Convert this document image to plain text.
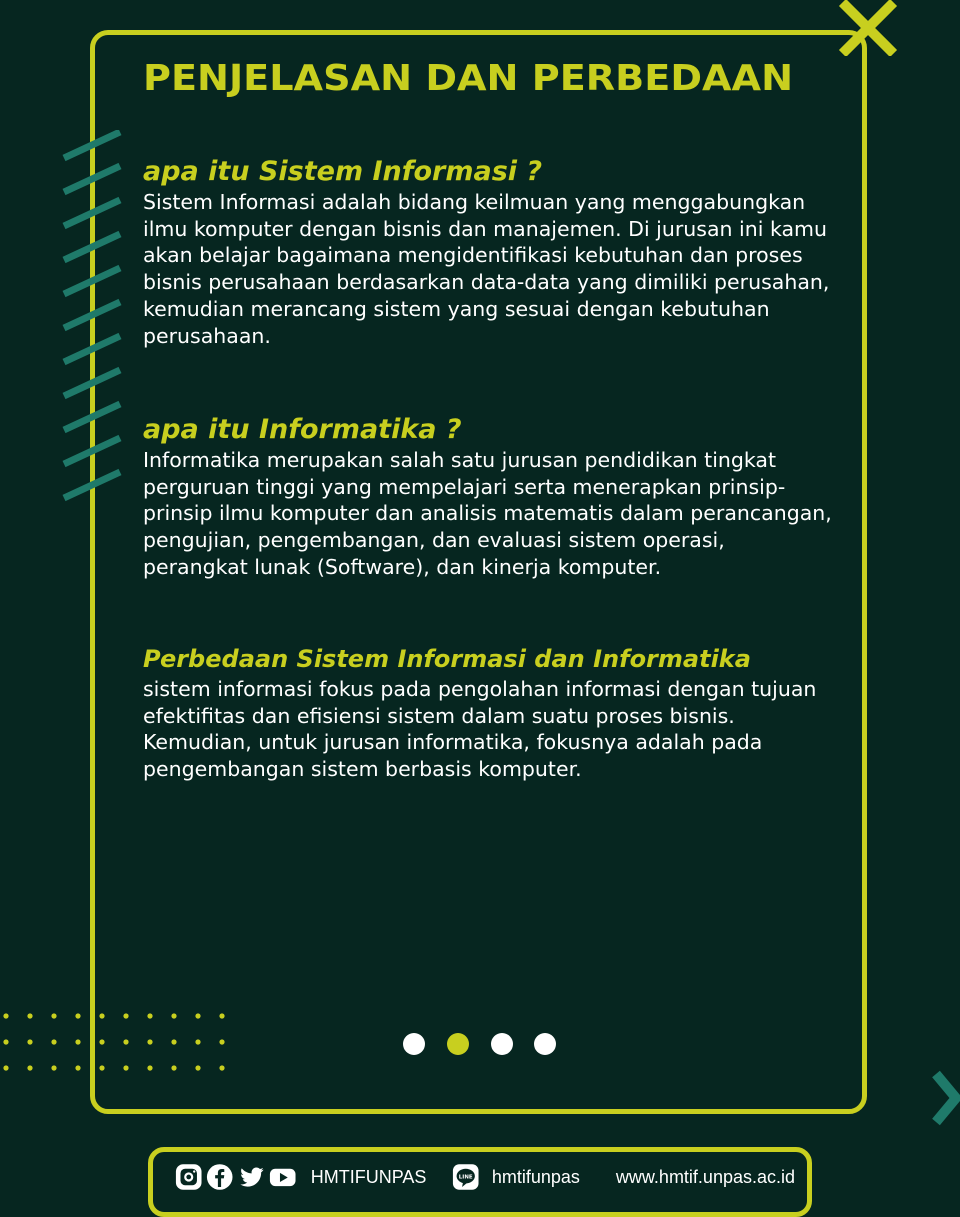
PENJELASAN DAN PERBEDAAN
apa itu Sistem Informasi ?

Sistem Informasi adalah bidang keilmuan yang menggabungkan ilmu komputer dengan bisnis dan manajemen. Di jurusan ini kamu akan belajar bagaimana mengidentifikasi kebutuhan dan proses bisnis perusahaan berdasarkan data-data yang dimiliki perusahan, kemudian merancang sistem yang sesuai dengan kebutuhan perusahaan.

apa itu Informatika ?

Informatika merupakan salah satu jurusan pendidikan tingkat perguruan tinggi yang mempelajari serta menerapkan prinsip-prinsip ilmu komputer dan analisis matematis dalam perancangan, pengujian, pengembangan, dan evaluasi sistem operasi, perangkat lunak (Software), dan kinerja komputer.

Perbedaan Sistem Informasi dan Informatika

sistem informasi fokus pada pengolahan informasi dengan tujuan efektifitas dan efisiensi sistem dalam suatu proses bisnis. Kemudian, untuk jurusan informatika, fokusnya adalah pada pengembangan sistem berbasis komputer.

HMTIFUNPAS	LINE hmtifunpas www.hmtif.unpas.ac.id
